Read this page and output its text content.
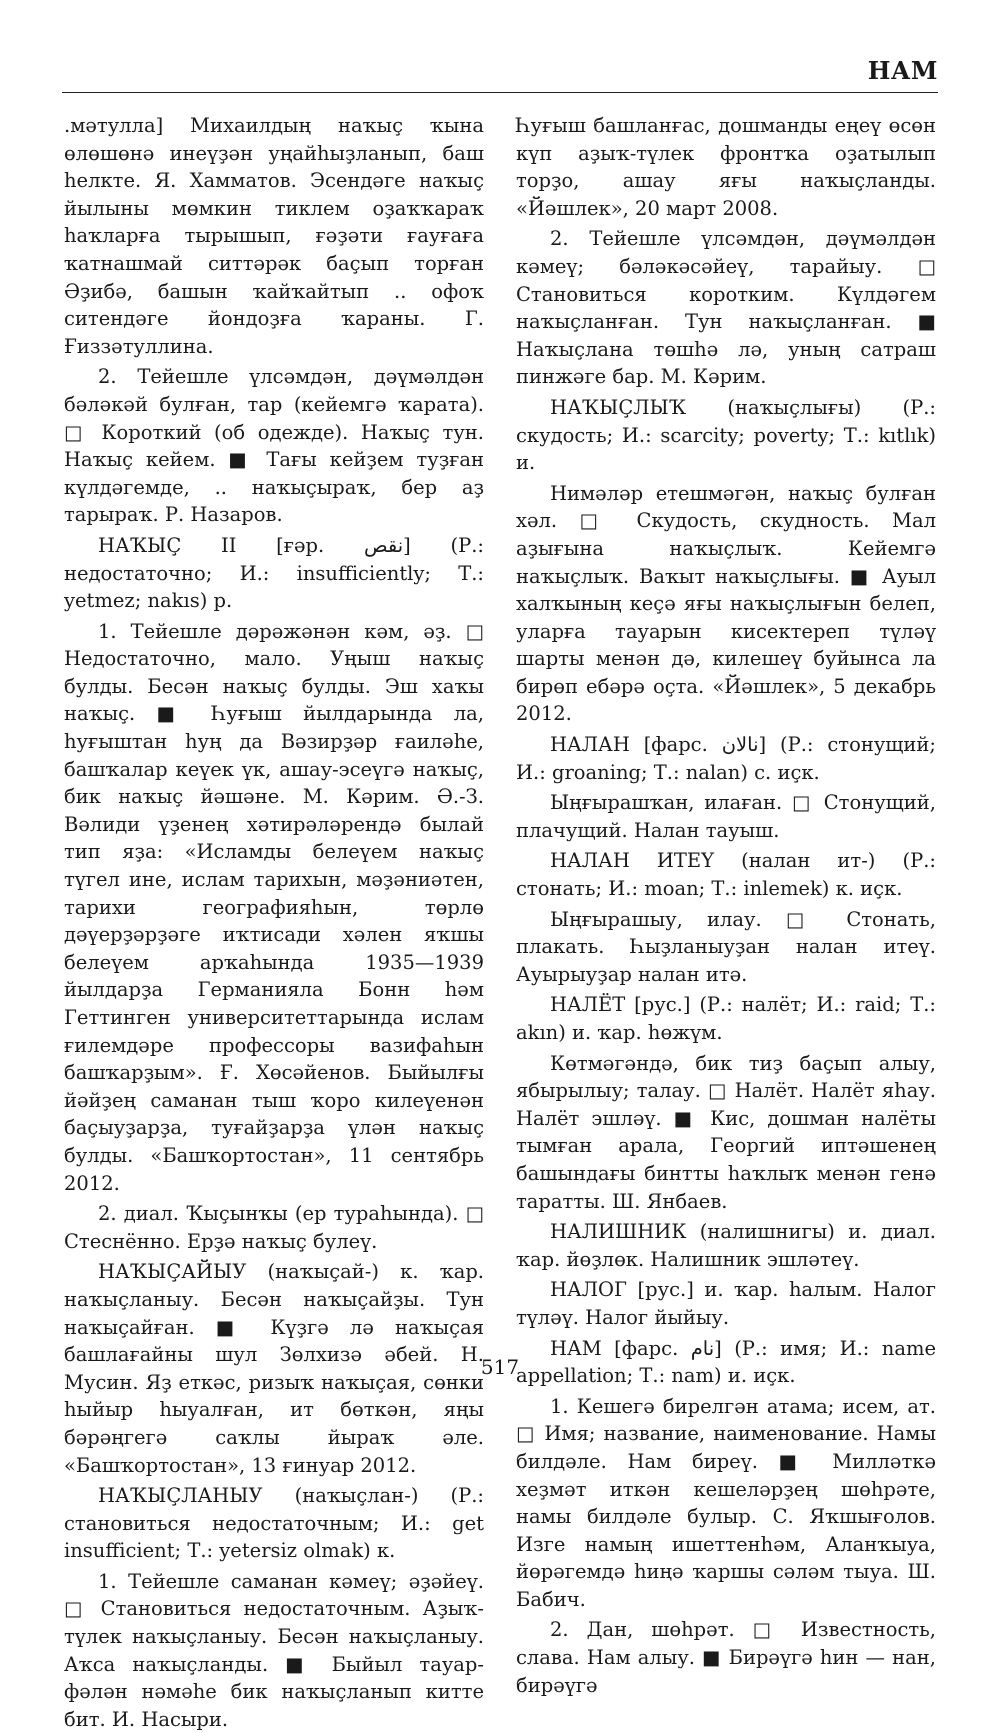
НАМ

.мәтулла] Михаилдың наҡыҫ ҡына өлөшөнә инеүҙән уңайһыҙланып, баш һелкте. Я. Хамматов. Эсендәге наҡыҫ йылыны мөмкин тиклем оҙаҡҡараҡ һаҡларға тырышып, ғәҙәти ғауғаға ҡатнашмай ситтәрәк баҫып торған Әҙибә, башын ҡайҡайтып .. офоҡ ситендәге йондоҙға ҡараны. Г. Ғиззәтуллина.

2. Тейешле үлсәмдән, дәүмәлдән бәләкәй булған, тар (кейемгә ҡарата). □ Короткий (об одежде). Наҡыҫ тун. Наҡыҫ кейем. ■ Тағы кейҙем туҙған күлдәгемде, .. наҡыҫыраҡ, бер аҙ тарыраҡ. Р. Назаров.

НАҠЫҪ II [ғәр. نقص] (Р.: недостаточно; И.: insufficiently; Т.: yetmez; nakıs) р.

1. Тейешле дәрәжәнән кәм, әҙ. □ Недостаточно, мало. Уңыш наҡыҫ булды. Бесән наҡыҫ булды. Эш хаҡы наҡыҫ. ■ Һуғыш йылдарында ла, һуғыштан һуң да Вәзирҙәр ғаиләһе, башҡалар кеүек үк, ашау-эсеүгә наҡыҫ, бик наҡыҫ йәшәне. М. Кәрим. Ә.-З. Вәлиди үҙенең хәтирәләрендә былай тип яҙа: «Исламды белеүем наҡыҫ түгел ине, ислам тарихын, мәҙәниәтен, тарихи географияһын, төрлө дәүерҙәрҙәге иҡтисади хәлен яҡшы белеүем арҡаһында 1935—1939 йылдарҙа Германияла Бонн һәм Геттинген университеттарында ислам ғилемдәре профессоры вазифаһын башҡарҙым». Ғ. Хөсәйенов. Быйылғы йәйҙең саманан тыш ҡоро килеүенән баҫыуҙарҙа, туғайҙарҙа үлән наҡыҫ булды. «Башҡортостан», 11 сентябрь 2012.

2. диал. Ҡыҫынҡы (ер тураһында). □ Стеснённо. Ерҙә наҡыҫ булеү.

НАҠЫҪАЙЫУ (наҡыҫай-) к. ҡар. наҡыҫланыу. Бесән наҡыҫайҙы. Тун наҡыҫайған. ■ Күҙгә лә наҡыҫая башлағайны шул Зөлхизә әбей. Н. Мусин. Яҙ еткәс, ризыҡ наҡыҫая, сөнки һыйыр һыуалған, ит бөткән, яңы бәрәңгегә саҡлы йыраҡ әле. «Башҡортостан», 13 ғинуар 2012.

НАҠЫҪЛАНЫУ (наҡыҫлан-) (Р.: становиться недостаточным; И.: get insufficient; Т.: yetersiz olmak) к.

1. Тейешле саманан кәмеү; әҙәйеү. □ Становиться недостаточным. Аҙыҡ-түлек наҡыҫланыу. Бесән наҡыҫланыу. Аҡса наҡыҫланды. ■ Быйыл тауар-фәлән нәмәһе бик наҡыҫланып китте бит. И. Насыри.

Һуғыш башланғас, дошманды еңеү өсөн күп аҙыҡ-түлек фронтҡа оҙатылып торҙо, ашау яғы наҡыҫланды. «Йәшлек», 20 март 2008.

2. Тейешле үлсәмдән, дәүмәлдән кәмеү; бәләкәсәйеү, тарайыу. □ Становиться коротким. Күлдәгем наҡыҫланған. Тун наҡыҫланған. ■ Наҡыҫлана төшһә лә, уның сатраш пинжәге бар. М. Кәрим.

НАҠЫҪЛЫҠ (наҡыҫлығы) (Р.: скудость; И.: scarcity; poverty; Т.: kıtlık) и.

Нимәләр етешмәгән, наҡыҫ булған хәл. □ Скудость, скудность. Мал аҙығына наҡыҫлыҡ. Кейемгә наҡыҫлыҡ. Ваҡыт наҡыҫлығы. ■ Ауыл халҡының кеҫә яғы наҡыҫлығын белеп, уларға тауарын кисектереп түләү шарты менән дә, килешеү буйынса ла бирөп ебәрә оҫта. «Йәшлек», 5 декабрь 2012.

НАЛАН [фарс. نالان] (Р.: стонущий; И.: groaning; Т.: nalan) с. иҫк.

Ыңғырашҡан, илаған. □ Стонущий, плачущий. Налан тауыш.

НАЛАН ИТЕҮ (налан ит-) (Р.: стонать; И.: moan; Т.: inlemek) к. иҫк.

Ыңғырашыу, илау. □ Стонать, плакать. Һыҙланыуҙан налан итеү. Ауырыуҙар налан итә.

НАЛЁТ [рус.] (Р.: налёт; И.: raid; Т.: akın) и. ҡар. һөжүм.

Көтмәгәндә, бик тиҙ баҫып алыу, ябырылыу; талау. □ Налёт. Налёт яһау. Налёт эшләү. ■ Кис, дошман налёты тымған арала, Георгий иптәшенең башындағы бинтты һаҡлыҡ менән генә таратты. Ш. Янбаев.

НАЛИШНИК (налишнигы) и. диал. ҡар. йөҙлөк. Налишник эшләтеү.

НАЛОГ [рус.] и. ҡар. һалым. Налог түләү. Налог йыйыу.

НАМ [фарс. نام] (Р.: имя; И.: name appellation; Т.: nam) и. иҫк.

1. Кешегә бирелгән атама; исем, ат. □ Имя; название, наименование. Намы билдәле. Нам биреү. ■ Милләткә хеҙмәт иткән кешеләрҙең шөһрәте, намы билдәле булыр. С. Яҡшығолов. Изге намың ишеттенһәм, Аланҡыуа, йөрәгемдә һиңә ҡаршы сәләм тыуа. Ш. Бабич.

2. Дан, шөһрәт. □ Известность, слава. Нам алыу. ■ Бирәүгә һин — нан, бирәүгә

517
